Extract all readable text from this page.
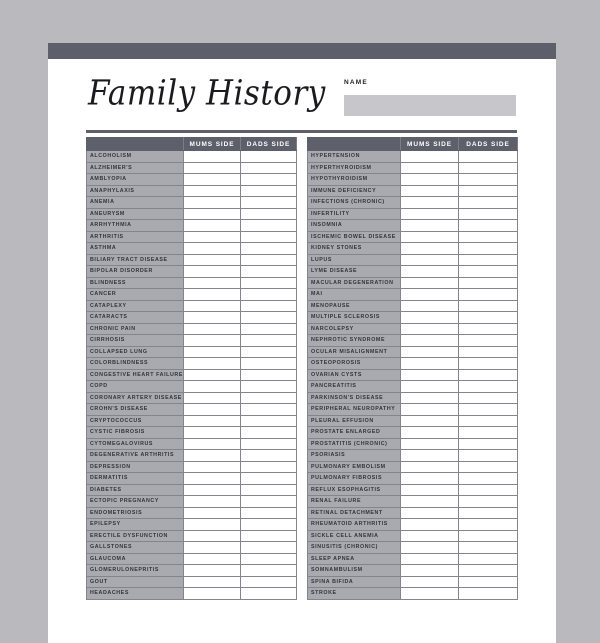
Family History	NAME
	MUMS SIDE	DADS SIDE
ALCOHOLISM		
ALZHEIMER'S		
AMBLYOPIA		
ANAPHYLAXIS		
ANEMIA		
ANEURYSM		
ARRHYTHMIA		
ARTHRITIS		
ASTHMA		
BILIARY TRACT DISEASE		
BIPOLAR DISORDER		
BLINDNESS		
CANCER		
CATAPLEXY		
CATARACTS		
CHRONIC PAIN		
CIRRHOSIS		
COLLAPSED LUNG		
COLORBLINDNESS		
CONGESTIVE HEART FAILURE		
COPD		
CORONARY ARTERY DISEASE		
CROHN'S DISEASE		
CRYPTOCOCCUS		
CYSTIC FIBROSIS		
CYTOMEGALOVIRUS		
DEGENERATIVE ARTHRITIS		
DEPRESSION		
DERMATITIS		
DIABETES		
ECTOPIC PREGNANCY		
ENDOMETRIOSIS		
EPILEPSY		
ERECTILE DYSFUNCTION		
GALLSTONES		
GLAUCOMA		
GLOMERULONEPRITIS		
GOUT		
HEADACHES		
	MUMS SIDE	DADS SIDE
HYPERTENSION		
HYPERTHYROIDISM		
HYPOTHYROIDISM		
IMMUNE DEFICIENCY		
INFECTIONS (CHRONIC)		
INFERTILITY		
INSOMNIA		
ISCHEMIC BOWEL DISEASE		
KIDNEY STONES		
LUPUS		
LYME DISEASE		
MACULAR DEGENERATION		
MAI		
MENOPAUSE		
MULTIPLE SCLEROSIS		
NARCOLEPSY		
NEPHROTIC SYNDROME		
OCULAR MISALIGNMENT		
OSTEOPOROSIS		
OVARIAN CYSTS		
PANCREATITIS		
PARKINSON'S DISEASE		
PERIPHERAL NEUROPATHY		
PLEURAL EFFUSION		
PROSTATE ENLARGED		
PROSTATITIS (CHRONIC)		
PSORIASIS		
PULMONARY EMBOLISM		
PULMONARY FIBROSIS		
REFLUX ESOPHAGITIS		
RENAL FAILURE		
RETINAL DETACHMENT		
RHEUMATOID ARTHRITIS		
SICKLE CELL ANEMIA		
SINUSITIS (CHRONIC)		
SLEEP APNEA		
SOMNAMBULISM		
SPINA BIFIDA		
STROKE		
